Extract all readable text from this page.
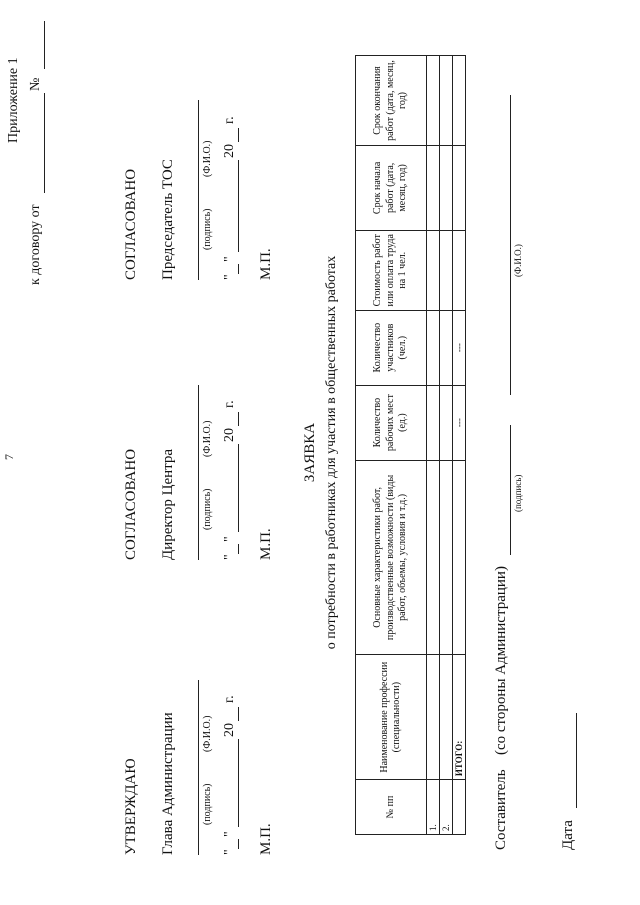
7
Приложение 1
к договору от
№
УТВЕРЖДАЮ Глава Администрации	(подпись)
(Ф.И.О.)
"
"
20
г.
М.П.
СОГЛАСОВАНО Директор Центра	(подпись)
(Ф.И.О.)
"
"
20
г.
М.П.
СОГЛАСОВАНО Председатель ТОС	(подпись)
(Ф.И.О.)
"
"
20
г.
М.П.
ЗАЯВКА о потребности в работниках для участия в общественных работах
№ пп	Наименование профессии (специальности)	Основные характеристики работ, производственные возможности (виды работ, объемы, условия и т.д.)	Количество рабочих мест (ед.)	Количество участников (чел.)	Стоимость работ или оплата труда на 1 чел.	Срок начала работ (дата, месяц, год)	Срок окончания работ (дата, месяц, год)
1.							
2.							
	ИТОГО:		---	---			
Составитель
(со стороны Администрации)
(подпись)
(Ф.И.О.)
Дата
